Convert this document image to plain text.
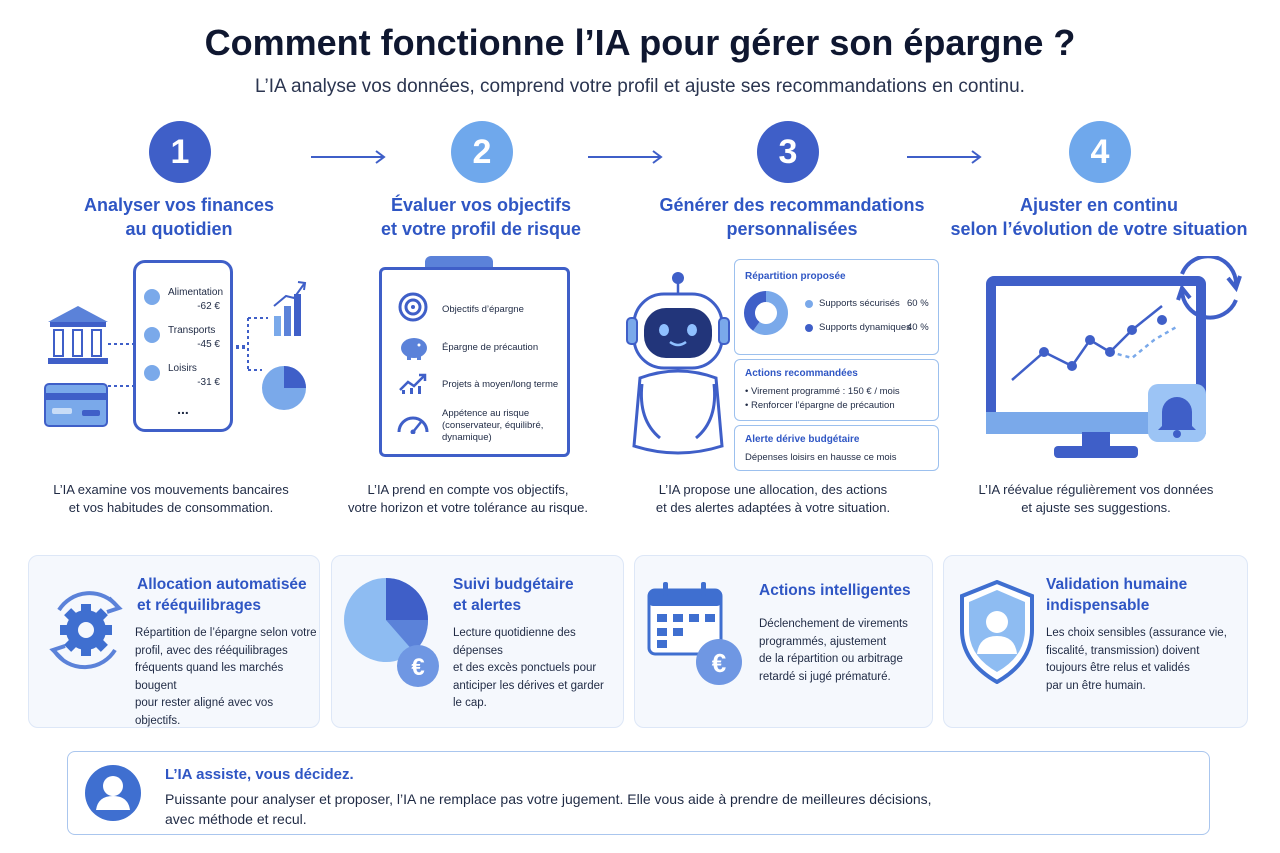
Comment fonctionne l’IA pour gérer son épargne ?
L’IA analyse vos données, comprend votre profil et ajuste ses recommandations en continu.
1	2	3	4
Analyser vos finances
au quotidien
Évaluer vos objectifs
et votre profil de risque
Générer des recommandations
personnalisées
Ajuster en continu
selon l’évolution de votre situation
Alimentation
-62 €
Transports
-45 €
Loisirs
-31 €
...
Objectifs d’épargne
Épargne de précaution
Projets à moyen/long terme
Appétence au risque
(conservateur, équilibré,
dynamique)
Répartition proposée
Supports sécurisés 60 %
Supports dynamiques
40 %
Actions recommandées
• Virement programmé : 150 € / mois
• Renforcer l’épargne de précaution
Alerte dérive budgétaire
Dépenses loisirs en hausse ce mois
L’IA examine vos mouvements bancaires
et vos habitudes de consommation.
L’IA prend en compte vos objectifs,
votre horizon et votre tolérance au risque.
L’IA propose une allocation, des actions
et des alertes adaptées à votre situation.
L’IA réévalue régulièrement vos données
et ajuste ses suggestions.
Allocation automatisée
et rééquilibrages
Répartition de l’épargne selon votre
profil, avec des rééquilibrages
fréquents quand les marchés bougent
pour rester aligné avec vos objectifs.
€
Suivi budgétaire
et alertes
Lecture quotidienne des dépenses
et des excès ponctuels pour
anticiper les dérives et garder
le cap.
€
Actions intelligentes
Déclenchement de virements
programmés, ajustement
de la répartition ou arbitrage
retardé si jugé prématuré.
Validation humaine
indispensable
Les choix sensibles (assurance vie,
fiscalité, transmission) doivent
toujours être relus et validés
par un être humain.
L’IA assiste, vous décidez.
Puissante pour analyser et proposer, l’IA ne remplace pas votre jugement. Elle vous aide à prendre de meilleures décisions,
avec méthode et recul.
